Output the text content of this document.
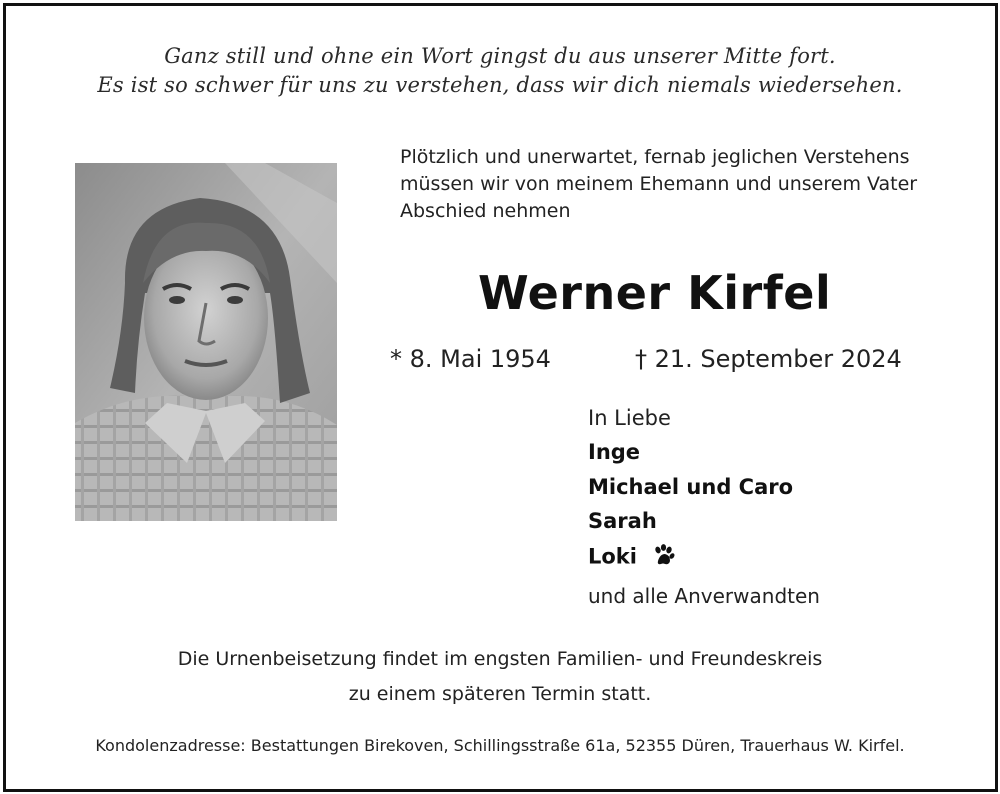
Ganz still und ohne ein Wort gingst du aus unserer Mitte fort.
Es ist so schwer für uns zu verstehen, dass wir dich niemals wiedersehen.
Plötzlich und unerwartet, fernab jeglichen Verstehens
müssen wir von meinem Ehemann und unserem Vater
Abschied nehmen
Werner Kirfel
* 8. Mai 1954	† 21. September 2024
In Liebe
Inge
Michael und Caro
Sarah
Loki
und alle Anverwandten
Die Urnenbeisetzung findet im engsten Familien- und Freundeskreis
zu einem späteren Termin statt.
Kondolenzadresse: Bestattungen Birekoven, Schillingsstraße 61a, 52355 Düren, Trauerhaus W. Kirfel.
